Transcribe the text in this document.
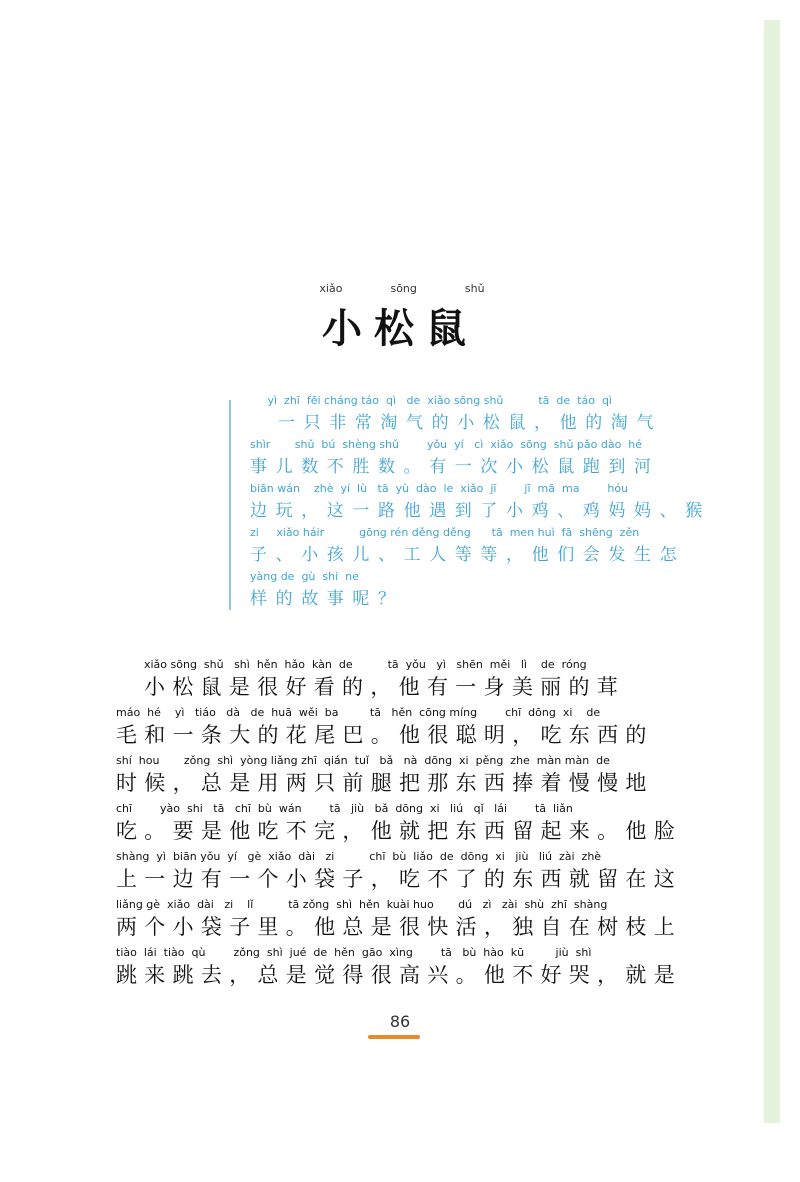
xiǎo	sōng	shǔ
小松鼠
yì  zhī  fēi cháng táo  qì   de  xiǎo sōng shǔ          tā  de  táo  qì
一只非常淘气的小松鼠，他的淘气
shìr       shǔ  bú  shèng shǔ        yǒu  yí   cì  xiǎo  sōng  shǔ pǎo dào  hé
事儿数不胜数。有一次小松鼠跑到河
biān wán    zhè  yí  lù   tā  yù  dào  le  xiǎo  jī        jī  mā  ma        hóu
边玩，这一路他遇到了小鸡、鸡妈妈、猴
zi     xiǎo háir          gōng rén děng děng      tā  men huì  fā  shēng  zěn
子、小孩儿、工人等等，他们会发生怎
yàng de  gù  shi  ne
样的故事呢？
xiǎo sōng  shǔ   shì  hěn  hǎo  kàn  de          tā  yǒu   yì   shēn  měi   lì    de  róng
小松鼠是很好看的，他有一身美丽的茸
máo  hé    yì   tiáo   dà   de  huā  wěi  ba         tā   hěn  cōng míng        chī  dōng  xi    de
毛和一条大的花尾巴。他很聪明，吃东西的
shí  hou       zǒng  shì  yòng liǎng zhī  qián  tuǐ   bǎ   nà  dōng  xi  pěng  zhe  màn màn  de
时候，总是用两只前腿把那东西捧着慢慢地
chī        yào  shi   tā   chī  bù  wán        tā   jiù   bǎ  dōng  xi   liú   qǐ   lái        tā  liǎn
吃。要是他吃不完，他就把东西留起来。他脸
shàng  yì  biān yǒu  yí   gè  xiǎo  dài   zi          chī  bù  liǎo  de  dōng  xi   jiù   liú  zài  zhè
上一边有一个小袋子，吃不了的东西就留在这
liǎng gè  xiǎo  dài   zi    lǐ          tā zǒng  shì  hěn  kuài huo       dú   zì   zài  shù  zhī  shàng
两个小袋子里。他总是很快活，独自在树枝上
tiào  lái  tiào  qù        zǒng  shì  jué  de  hěn  gāo  xìng        tā   bù  hào  kū         jiù  shì
跳来跳去，总是觉得很高兴。他不好哭，就是
86
